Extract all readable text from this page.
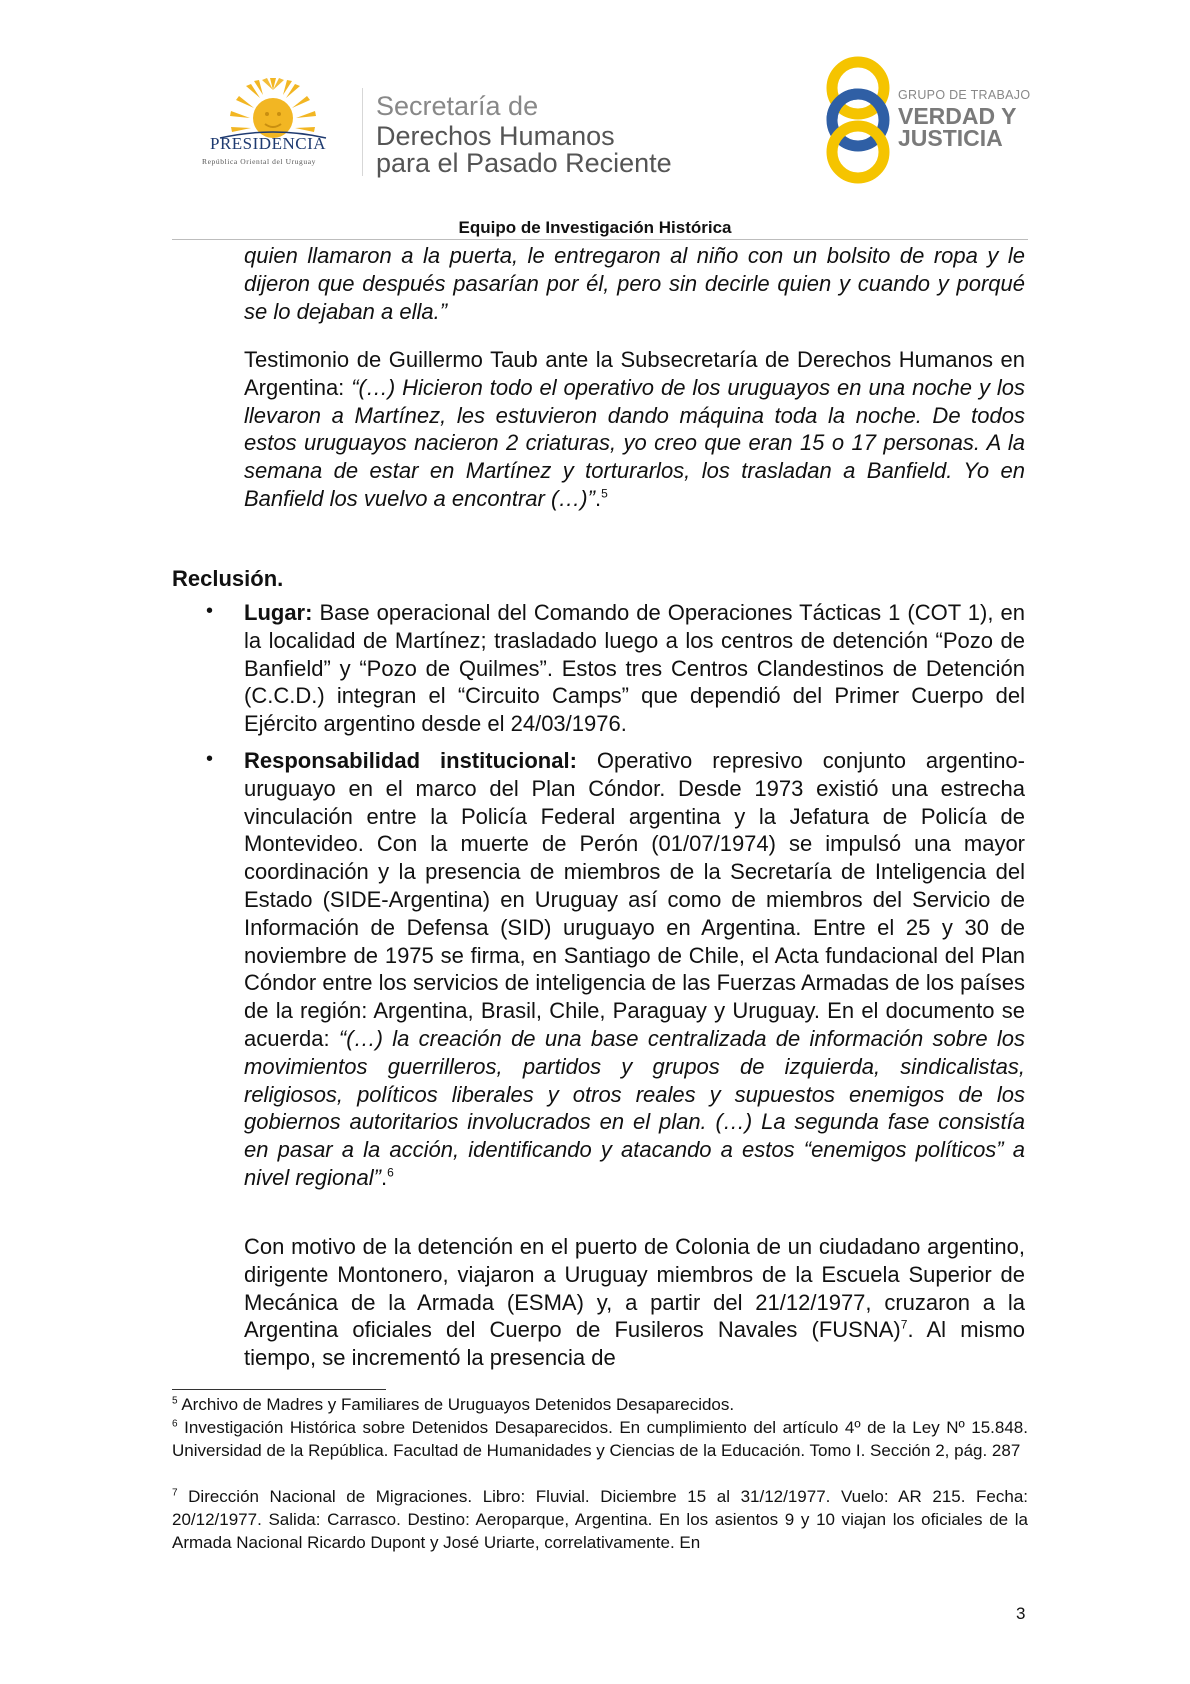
PRESIDENCIA
República Oriental del Uruguay
Secretaría de
Derechos Humanos
para el Pasado Reciente
GRUPO DE TRABAJO
VERDAD Y
JUSTICIA
Equipo de Investigación Histórica
quien llamaron a la puerta, le entregaron al niño con un bolsito de ropa y le dijeron que después pasarían por él, pero sin decirle quien y cuando y porqué se lo dejaban a ella.”
Testimonio de Guillermo Taub ante la Subsecretaría de Derechos Humanos en Argentina: “(…) Hicieron todo el operativo de los uruguayos en una noche y los llevaron a Martínez, les estuvieron dando máquina toda la noche. De todos estos uruguayos nacieron 2 criaturas, yo creo que eran 15 o 17 personas. A la semana de estar en Martínez y torturarlos, los trasladan a Banfield. Yo en Banfield los vuelvo a encontrar (…)”.$^5$
Reclusión.
• Lugar: Base operacional del Comando de Operaciones Tácticas 1 (COT 1), en la localidad de Martínez; trasladado luego a los centros de detención “Pozo de Banfield” y “Pozo de Quilmes”. Estos tres Centros Clandestinos de Detención (C.C.D.) integran el “Circuito Camps” que dependió del Primer Cuerpo del Ejército argentino desde el 24/03/1976.
• Responsabilidad institucional: Operativo represivo conjunto argentino-uruguayo en el marco del Plan Cóndor. Desde 1973 existió una estrecha vinculación entre la Policía Federal argentina y la Jefatura de Policía de Montevideo. Con la muerte de Perón (01/07/1974) se impulsó una mayor coordinación y la presencia de miembros de la Secretaría de Inteligencia del Estado (SIDE-Argentina) en Uruguay así como de miembros del Servicio de Información de Defensa (SID) uruguayo en Argentina. Entre el 25 y 30 de noviembre de 1975 se firma, en Santiago de Chile, el Acta fundacional del Plan Cóndor entre los servicios de inteligencia de las Fuerzas Armadas de los países de la región: Argentina, Brasil, Chile, Paraguay y Uruguay. En el documento se acuerda: “(…) la creación de una base centralizada de información sobre los movimientos guerrilleros, partidos y grupos de izquierda, sindicalistas, religiosos, políticos liberales y otros reales y supuestos enemigos de los gobiernos autoritarios involucrados en el plan. (…) La segunda fase consistía en pasar a la acción, identificando y atacando a estos “enemigos políticos” a nivel regional”.$^6$
Con motivo de la detención en el puerto de Colonia de un ciudadano argentino, dirigente Montonero, viajaron a Uruguay miembros de la Escuela Superior de Mecánica de la Armada (ESMA) y, a partir del 21/12/1977, cruzaron a la Argentina oficiales del Cuerpo de Fusileros Navales (FUSNA)$^7$. Al mismo tiempo, se incrementó la presencia de
$^5$ Archivo de Madres y Familiares de Uruguayos Detenidos Desaparecidos.
$^6$ Investigación Histórica sobre Detenidos Desaparecidos. En cumplimiento del artículo 4º de la Ley Nº 15.848. Universidad de la República. Facultad de Humanidades y Ciencias de la Educación. Tomo I. Sección 2, pág. 287
$^7$ Dirección Nacional de Migraciones. Libro: Fluvial. Diciembre 15 al 31/12/1977. Vuelo: AR 215. Fecha: 20/12/1977. Salida: Carrasco. Destino: Aeroparque, Argentina. En los asientos 9 y 10 viajan los oficiales de la Armada Nacional Ricardo Dupont y José Uriarte, correlativamente. En
3
